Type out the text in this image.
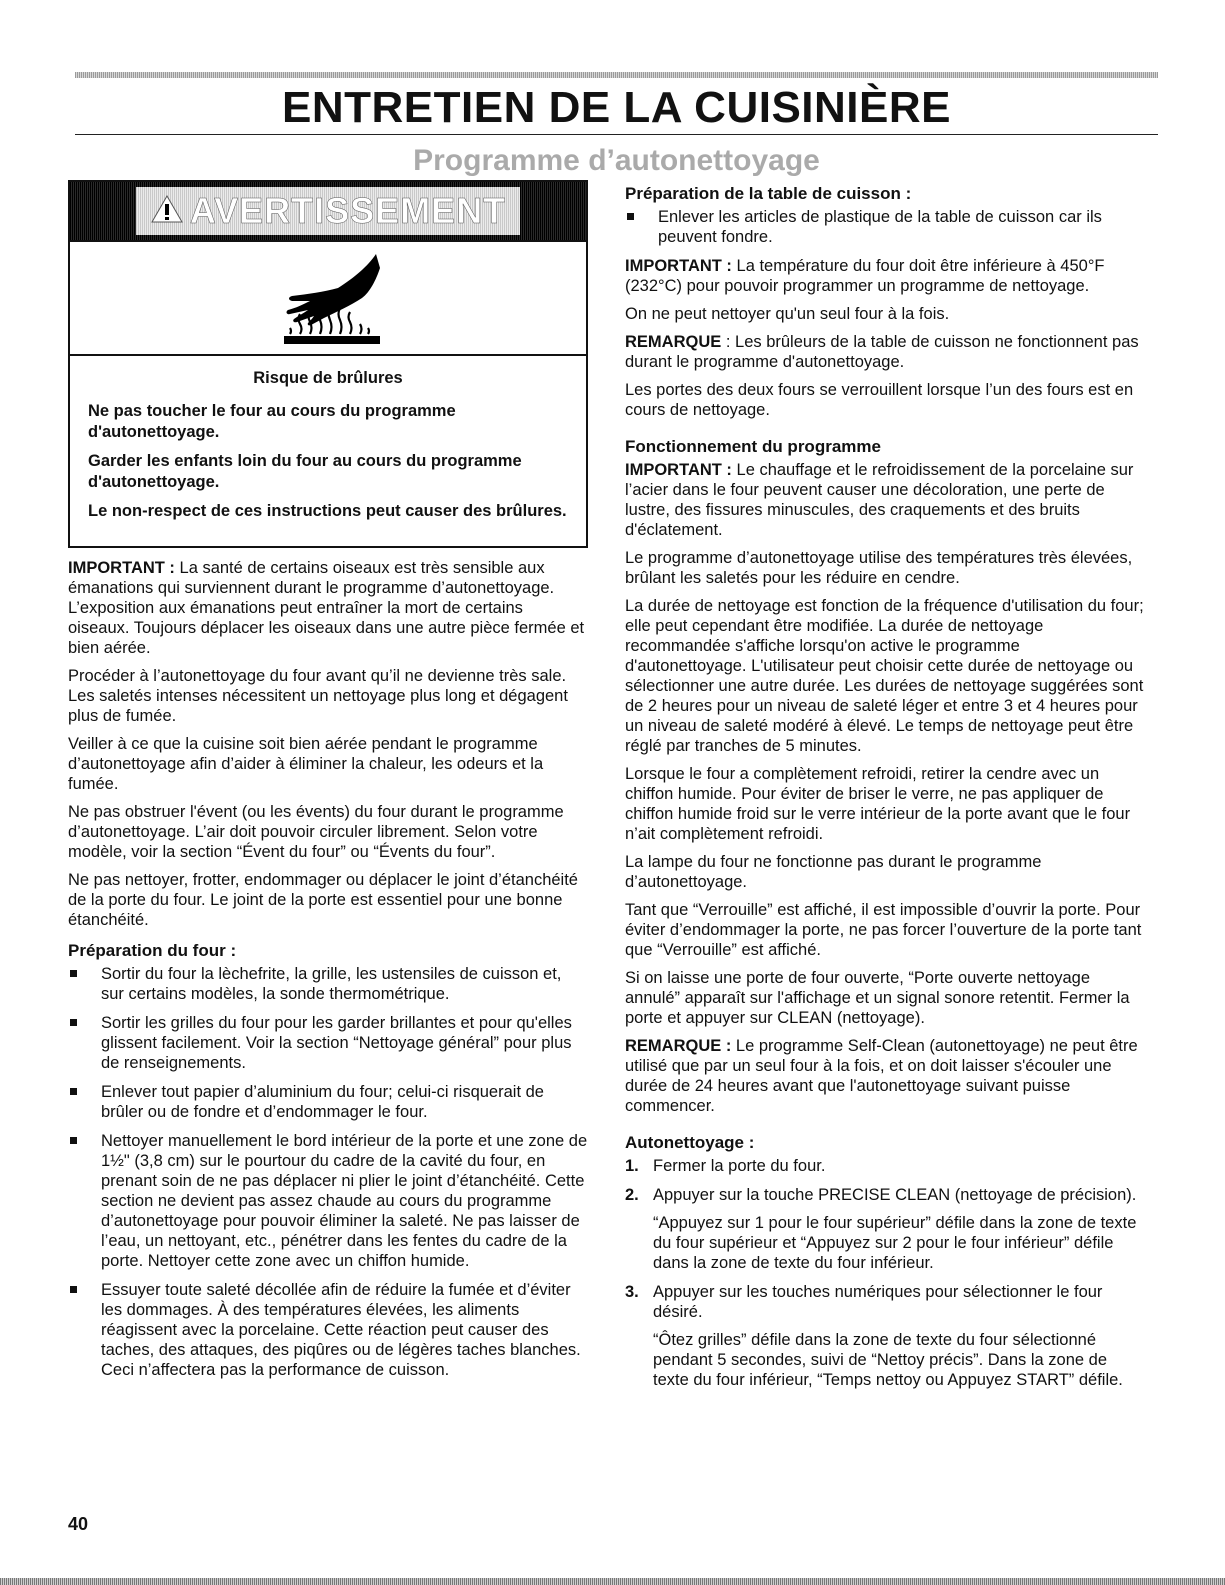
ENTRETIEN DE LA CUISINIÈRE
Programme d’autonettoyage
AVERTISSEMENT

Risque de brûlures

Ne pas toucher le four au cours du programme d'autonettoyage.

Garder les enfants loin du four au cours du programme d'autonettoyage.

Le non-respect de ces instructions peut causer des brûlures.

IMPORTANT : La santé de certains oiseaux est très sensible aux émanations qui surviennent durant le programme d’autonettoyage. L’exposition aux émanations peut entraîner la mort de certains oiseaux. Toujours déplacer les oiseaux dans une autre pièce fermée et bien aérée.

Procéder à l’autonettoyage du four avant qu’il ne devienne très sale. Les saletés intenses nécessitent un nettoyage plus long et dégagent plus de fumée.

Veiller à ce que la cuisine soit bien aérée pendant le programme d’autonettoyage afin d’aider à éliminer la chaleur, les odeurs et la fumée.

Ne pas obstruer l'évent (ou les évents) du four durant le programme d’autonettoyage. L’air doit pouvoir circuler librement. Selon votre modèle, voir la section “Évent du four” ou “Évents du four”.

Ne pas nettoyer, frotter, endommager ou déplacer le joint d’étanchéité de la porte du four. Le joint de la porte est essentiel pour une bonne étanchéité.

Préparation du four :
Sortir du four la lèchefrite, la grille, les ustensiles de cuisson et, sur certains modèles, la sonde thermométrique.
Sortir les grilles du four pour les garder brillantes et pour qu'elles glissent facilement. Voir la section “Nettoyage général” pour plus de renseignements.
Enlever tout papier d’aluminium du four; celui-ci risquerait de brûler ou de fondre et d’endommager le four.
Nettoyer manuellement le bord intérieur de la porte et une zone de 1½" (3,8 cm) sur le pourtour du cadre de la cavité du four, en prenant soin de ne pas déplacer ni plier le joint d’étanchéité. Cette section ne devient pas assez chaude au cours du programme d’autonettoyage pour pouvoir éliminer la saleté. Ne pas laisser de l’eau, un nettoyant, etc., pénétrer dans les fentes du cadre de la porte. Nettoyer cette zone avec un chiffon humide.
Essuyer toute saleté décollée afin de réduire la fumée et d’éviter les dommages. À des températures élevées, les aliments réagissent avec la porcelaine. Cette réaction peut causer des taches, des attaques, des piqûres ou de légères taches blanches. Ceci n’affectera pas la performance de cuisson.
Préparation de la table de cuisson :
Enlever les articles de plastique de la table de cuisson car ils peuvent fondre.

IMPORTANT : La température du four doit être inférieure à 450°F (232°C) pour pouvoir programmer un programme de nettoyage.

On ne peut nettoyer qu'un seul four à la fois.

REMARQUE : Les brûleurs de la table de cuisson ne fonctionnent pas durant le programme d'autonettoyage.

Les portes des deux fours se verrouillent lorsque l’un des fours est en cours de nettoyage.

Fonctionnement du programme

IMPORTANT : Le chauffage et le refroidissement de la porcelaine sur l’acier dans le four peuvent causer une décoloration, une perte de lustre, des fissures minuscules, des craquements et des bruits d'éclatement.

Le programme d’autonettoyage utilise des températures très élevées, brûlant les saletés pour les réduire en cendre.

La durée de nettoyage est fonction de la fréquence d'utilisation du four; elle peut cependant être modifiée. La durée de nettoyage recommandée s'affiche lorsqu'on active le programme d'autonettoyage. L'utilisateur peut choisir cette durée de nettoyage ou sélectionner une autre durée. Les durées de nettoyage suggérées sont de 2 heures pour un niveau de saleté léger et entre 3 et 4 heures pour un niveau de saleté modéré à élevé. Le temps de nettoyage peut être réglé par tranches de 5 minutes.

Lorsque le four a complètement refroidi, retirer la cendre avec un chiffon humide. Pour éviter de briser le verre, ne pas appliquer de chiffon humide froid sur le verre intérieur de la porte avant que le four n’ait complètement refroidi.

La lampe du four ne fonctionne pas durant le programme d’autonettoyage.

Tant que “Verrouille” est affiché, il est impossible d’ouvrir la porte. Pour éviter d’endommager la porte, ne pas forcer l’ouverture de la porte tant que “Verrouille” est affiché.

Si on laisse une porte de four ouverte, “Porte ouverte nettoyage annulé” apparaît sur l'affichage et un signal sonore retentit. Fermer la porte et appuyer sur CLEAN (nettoyage).

REMARQUE : Le programme Self-Clean (autonettoyage) ne peut être utilisé que par un seul four à la fois, et on doit laisser s'écouler une durée de 24 heures avant que l'autonettoyage suivant puisse commencer.

Autonettoyage :
1. Fermer la porte du four.
2. Appuyer sur la touche PRECISE CLEAN (nettoyage de précision).
“Appuyez sur 1 pour le four supérieur” défile dans la zone de texte du four supérieur et “Appuyez sur 2 pour le four inférieur” défile dans la zone de texte du four inférieur.
3. Appuyer sur les touches numériques pour sélectionner le four désiré.
“Ôtez grilles” défile dans la zone de texte du four sélectionné pendant 5 secondes, suivi de “Nettoy précis”. Dans la zone de texte du four inférieur, “Temps nettoy ou Appuyez START” défile.
40
